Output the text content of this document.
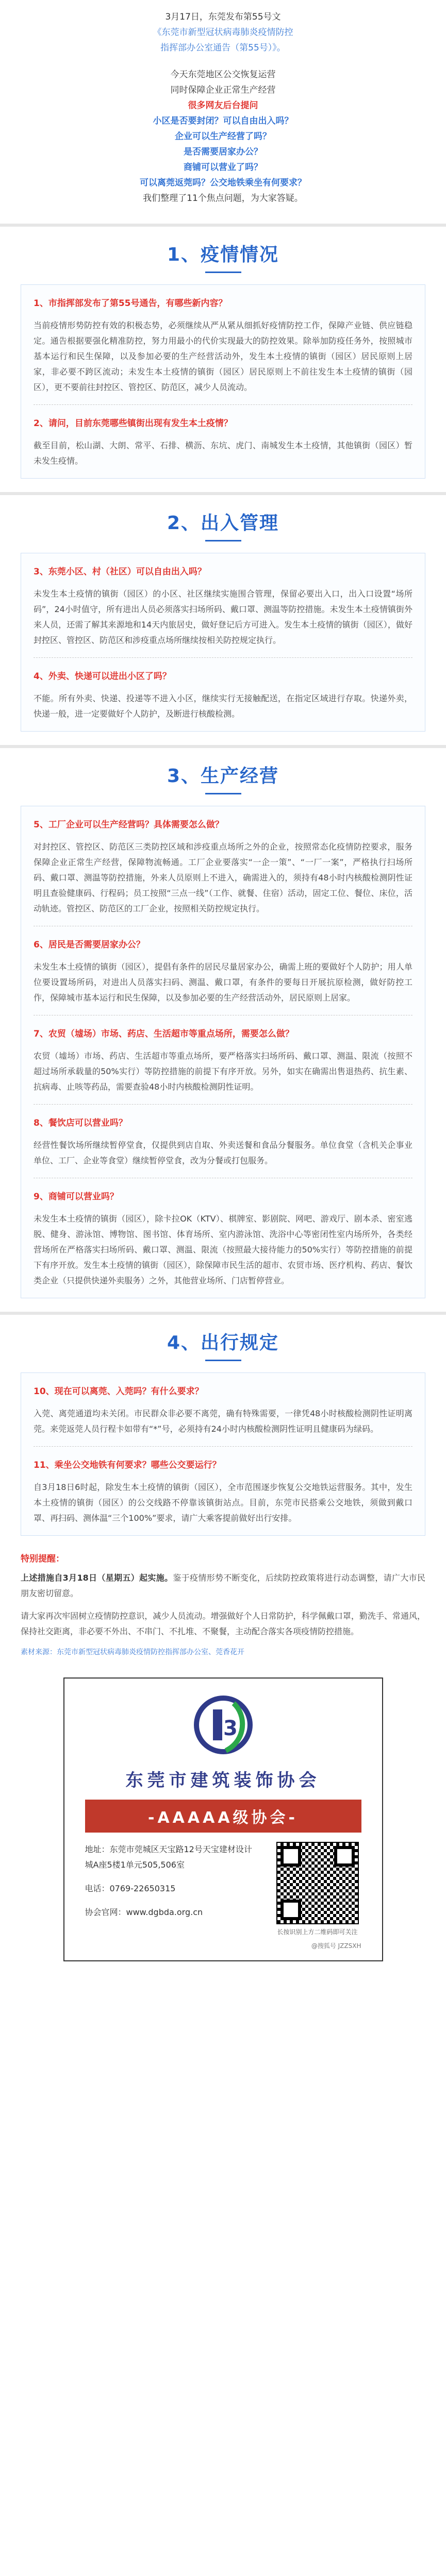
3月17日，东莞发布第55号文

《东莞市新型冠状病毒肺炎疫情防控

指挥部办公室通告（第55号）》。

今天东莞地区公交恢复运营

同时保障企业正常生产经营

很多网友后台提问

小区是否要封闭？可以自由出入吗？

企业可以生产经营了吗？

是否需要居家办公？

商铺可以营业了吗？

可以离莞返莞吗？公交地铁乘坐有何要求？

我们整理了11个焦点问题，为大家答疑。

1、疫情情况
1、市指挥部发布了第55号通告，有哪些新内容？
当前疫情形势防控有效的积极态势，必须继续从严从紧从细抓好疫情防控工作，保障产业链、供应链稳定。通告根据要强化精准防控，努力用最小的代价实现最大的防控效果。除举加防疫任务外，按照城市基本运行和民生保障，以及参加必要的生产经营活动外，发生本土疫情的镇街（园区）居民原则上居家，非必要不跨区流动；未发生本土疫情的镇街（园区）居民原则上不前往发生本土疫情的镇街（园区），更不要前往封控区、管控区、防范区，减少人员流动。
2、请问，目前东莞哪些镇街出现有发生本土疫情？
截至目前，松山湖、大朗、常平、石排、横沥、东坑、虎门、南城发生本土疫情，其他镇街（园区）暂未发生疫情。
2、出入管理
3、东莞小区、村（社区）可以自由出入吗？
未发生本土疫情的镇街（园区）的小区、社区继续实施围合管理，保留必要出入口，出入口设置“场所码”，24小时值守，所有进出人员必须落实扫场所码、戴口罩、测温等防控措施。未发生本土疫情镇街外来人员，还需了解其来源地和14天内旅居史，做好登记后方可进入。发生本土疫情的镇街（园区），做好封控区、管控区、防范区和涉疫重点场所继续按相关防控规定执行。
4、外卖、快递可以进出小区了吗？
不能。所有外卖、快递、投递等不进入小区，继续实行无接触配送，在指定区域进行存取。快递外卖，快递一般，进一定要做好个人防护，及断进行核酸检测。
3、生产经营
5、工厂企业可以生产经营吗？具体需要怎么做？
对封控区、管控区、防范区三类防控区域和涉疫重点场所之外的企业，按照常态化疫情防控要求，服务保障企业正常生产经营，保障物流畅通。工厂企业要落实“一企一策”、“一厂一案”，严格执行扫场所码、戴口罩、测温等防控措施，外来人员原则上不进入，确需进入的，须持有48小时内核酸检测阴性证明且查验健康码、行程码；员工按照“三点一线”（工作、就餐、住宿）活动，固定工位、餐位、床位，活动轨迹。管控区、防范区的工厂企业，按照相关防控规定执行。
6、居民是否需要居家办公？
未发生本土疫情的镇街（园区），提倡有条件的居民尽量居家办公，确需上班的要做好个人防护；用人单位要设置场所码，对进出人员落实扫码、测温、戴口罩，有条件的要每日开展抗原检测，做好防控工作，保障城市基本运行和民生保障，以及参加必要的生产经营活动外，居民原则上居家。
7、农贸（墟场）市场、药店、生活超市等重点场所，需要怎么做？
农贸（墟场）市场、药店、生活超市等重点场所，要严格落实扫场所码、戴口罩、测温、限流（按照不超过场所承载量的50%实行）等防控措施的前提下有序开放。另外，如实在确需出售退热药、抗生素、抗病毒、止咳等药品，需要查验48小时内核酸检测阴性证明。
8、餐饮店可以营业吗？
经营性餐饮场所继续暂停堂食，仅提供到店自取、外卖送餐和食品分餐服务。单位食堂（含机关企事业单位、工厂、企业等食堂）继续暂停堂食，改为分餐或打包服务。
9、商铺可以营业吗？
未发生本土疫情的镇街（园区），除卡拉OK（KTV）、棋牌室、影剧院、网吧、游戏厅、剧本杀、密室逃脱、健身、游泳馆、博物馆、图书馆、体育场所、室内游泳馆、洗浴中心等密闭性室内场所外，各类经营场所在严格落实扫场所码、戴口罩、测温、限流（按照最大接待能力的50%实行）等防控措施的前提下有序开放。发生本土疫情的镇街（园区），除保障市民生活的超市、农贸市场、医疗机构、药店、餐饮类企业（只提供快递外卖服务）之外，其他营业场所、门店暂停营业。
4、出行规定
10、现在可以离莞、入莞吗？有什么要求？
入莞、离莞通道均未关闭。市民群众非必要不离莞，确有特殊需要，一律凭48小时核酸检测阴性证明离莞。来莞返莞人员行程卡如带有“*”号，必须持有24小时内核酸检测阴性证明且健康码为绿码。
11、乘坐公交地铁有何要求？哪些公交要运行？
自3月18日6时起，除发生本土疫情的镇街（园区），全市范围逐步恢复公交地铁运营服务。其中，发生本土疫情的镇街（园区）的公交线路不停靠该镇街站点。目前，东莞市民搭乘公交地铁，须做到戴口罩、再扫码、测体温“三个100%”要求，请广大乘客提前做好出行安排。
特别提醒：

上述措施自3月18日（星期五）起实施。鉴于疫情形势不断变化，后续防控政策将进行动态调整，请广大市民朋友密切留意。

请大家再次牢固树立疫情防控意识，减少人员流动。增强做好个人日常防护，科学佩戴口罩，勤洗手、常通风，保持社交距离，非必要不外出、不串门、不扎堆、不聚餐，主动配合落实各项疫情防控措施。

素材来源：东莞市新型冠状病毒肺炎疫情防控指挥部办公室、莞香花开
3
东莞市建筑装饰协会
-AAAAA级协会-
地址：东莞市莞城区天宝路12号天宝建材设计城A座5楼1单元505,506室
电话：0769-22650315
协会官网：www.dgbda.org.cn
长按识别上方二维码即可关注
@搜狐号 JZZSXH
